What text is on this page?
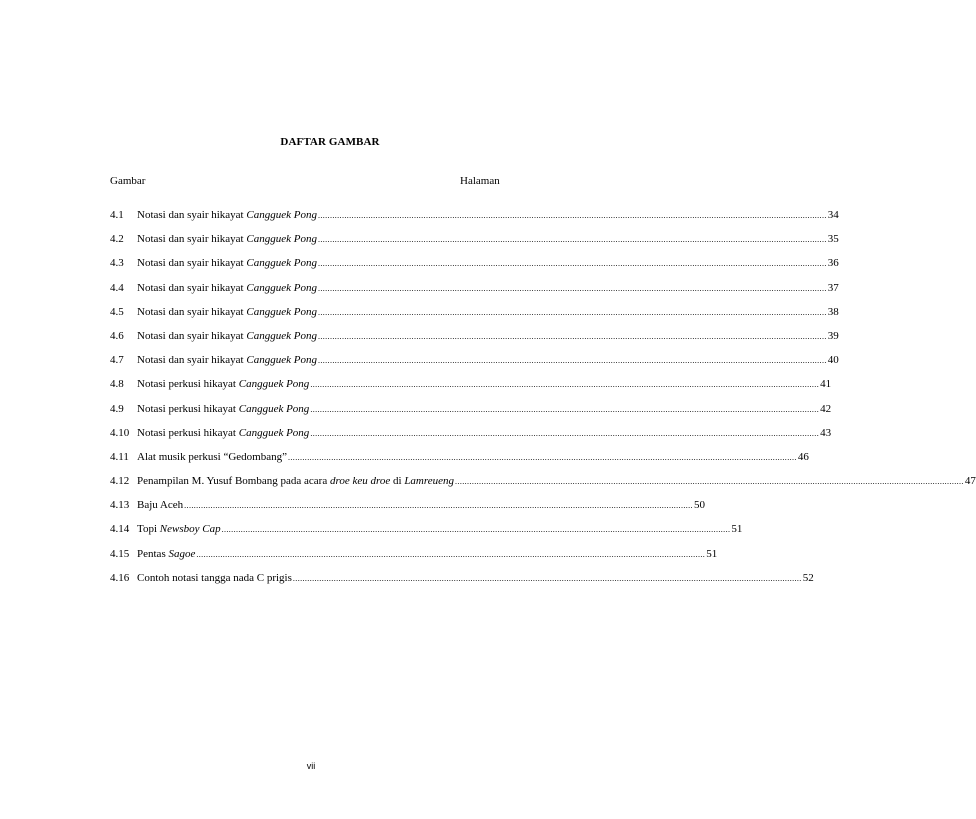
DAFTAR GAMBAR
Gambar	Halaman
4.1	Notasi dan syair hikayat Cangguek Pong .....	34
4.2	Notasi dan syair hikayat Cangguek Pong .....	35
4.3	Notasi dan syair hikayat Cangguek Pong .....	36
4.4	Notasi dan syair hikayat Cangguek Pong .....	37
4.5	Notasi dan syair hikayat Cangguek Pong .....	38
4.6	Notasi dan syair hikayat Cangguek Pong .....	39
4.7	Notasi dan syair hikayat Cangguek Pong .....	40
4.8	Notasi perkusi hikayat Cangguek Pong .....	41
4.9	Notasi perkusi hikayat Cangguek Pong .....	42
4.10 Notasi perkusi hikayat Cangguek Pong .....	43
4.11 Alat musik perkusi “Gedombang” .....	46
4.12 Penampilan M. Yusuf Bombang pada acara droe keu droe di Lamreueng .....	47
4.13 Baju Aceh .....	50
4.14 Topi Newsboy Cap .....	51
4.15 Pentas Sagoe .....	51
4.16 Contoh notasi tangga nada C prigis .....	52
vii
